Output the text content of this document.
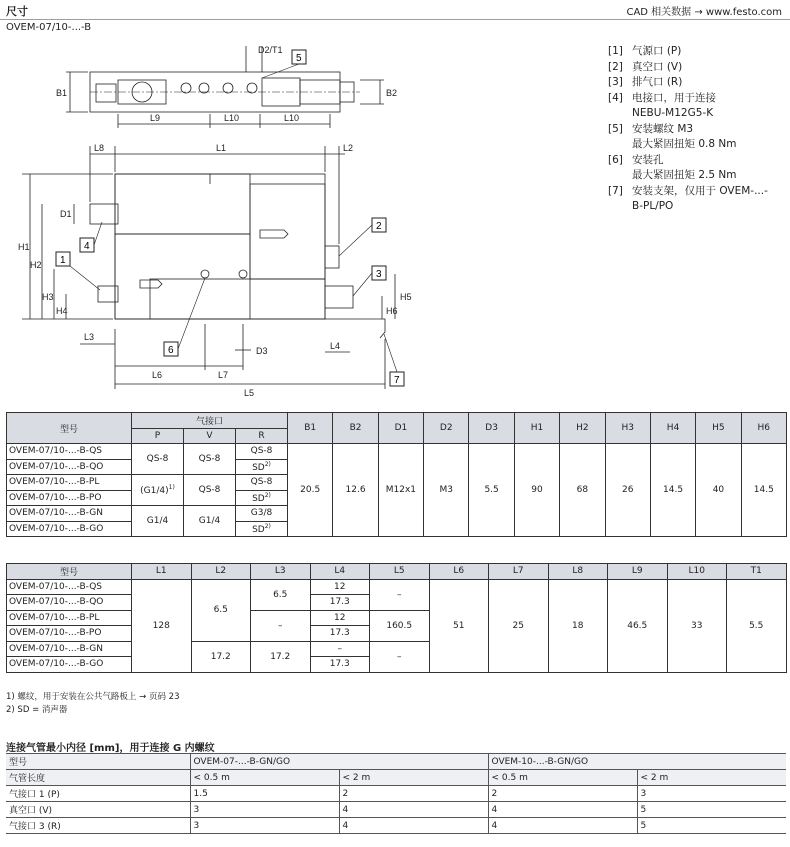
尺寸	CAD 相关数据 → www.festo.com
OVEM-07/10-...-B
D2/T1
B1	B2
L9	L10	L10
L8	L1	L2
D1
H1
H2
H3
H4
H5
H6
L3
L4
L5
L6	L7
D3
5
1
4
2
3
6
7
[1] 气源口 (P)
[2] 真空口 (V)
[3] 排气口 (R)
[4] 电接口，用于连接
NEBU-M12G5-K
[5] 安装螺纹 M3
最大紧固扭矩 0.8 Nm
[6] 安装孔
最大紧固扭矩 2.5 Nm
[7] 安装支架，仅用于 OVEM-...-
B-PL/PO
型号	气接口			B1	B2	D1	D2	D3	H1	H2	H3	H4	H5	H6
	P	V	R											
OVEM-07/10-...-B-QS	QS-8	QS-8	QS-8	20.5	12.6	M12x1	M3	5.5	90	68	26	14.5	40	14.5
OVEM-07/10-...-B-QO			SD$^{2)}$
OVEM-07/10-...-B-PL	$(G1/4)^{1)}$	QS-8	QS-8											
OVEM-07/10-...-B-PO			SD$^{2)}$
OVEM-07/10-...-B-GN	G1/4	G1/4	G3/8											
OVEM-07/10-...-B-GO			SD$^{2)}$
型号	L1	L2	L3	L4	L5	L6	L7	L8	L9	L10	T1
OVEM-07/10-...-B-QS	128	6.5	6.5	12	–	51	25	18	46.5	33	5.5
OVEM-07/10-...-B-QO				17.3							
OVEM-07/10-...-B-PL			–	12	160.5						
OVEM-07/10-...-B-PO				17.3							
OVEM-07/10-...-B-GN		17.2	17.2	–	–						
OVEM-07/10-...-B-GO				17.3							
1) 螺纹，用于安装在公共气路板上 → 页码 23
2) SD = 消声器
连接气管最小内径 [mm]，用于连接 G 内螺纹
型号	OVEM-07-...-B-GN/GO		OVEM-10-...-B-GN/GO	
气管长度	< 0.5 m	< 2 m	< 0.5 m	< 2 m
气接口 1 (P)	1.5	2	2	3
真空口 (V)	3	4	4	5
气接口 3 (R)	3	4	4	5
